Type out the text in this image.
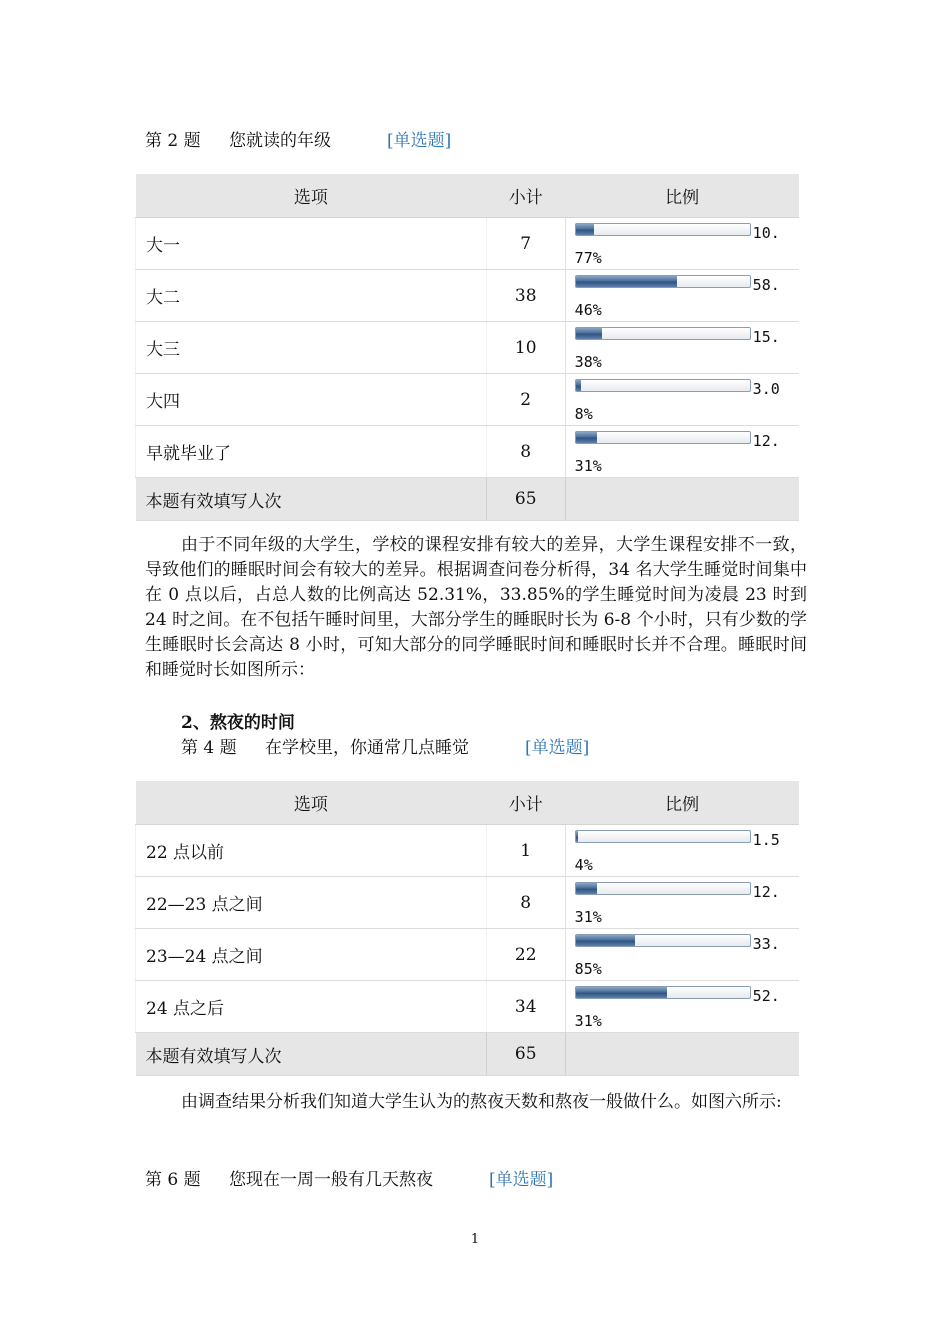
第 2 题 您就读的年级	[单选题]
选项	小计	比例
大一	7	10.
77%

大二	38	58.
46%

大三	10	15.
38%

大四	2	3.0
8%

早就毕业了	8	12.
31%

本题有效填写人次	65	
由于不同年级的大学生，学校的课程安排有较大的差异，大学生课程安排不一致，导致他们的睡眠时间会有较大的差异。根据调查问卷分析得，34 名大学生睡觉时间集中在 0 点以后，占总人数的比例高达 52.31%，33.85%的学生睡觉时间为凌晨 23 时到 24 时之间。在不包括午睡时间里，大部分学生的睡眠时长为 6-8 个小时，只有少数的学生睡眠时长会高达 8 小时，可知大部分的同学睡眠时间和睡眠时长并不合理。睡眠时间和睡觉时长如图所示：
2、熬夜的时间
第 4 题 在学校里，你通常几点睡觉	[单选题]
选项	小计	比例
22 点以前	1	1.5
4%

22—23 点之间	8	12.
31%

23—24 点之间	22	33.
85%

24 点之后	34	52.
31%

本题有效填写人次	65	
由调查结果分析我们知道大学生认为的熬夜天数和熬夜一般做什么。如图六所示:
第 6 题 您现在一周一般有几天熬夜	[单选题]
1
